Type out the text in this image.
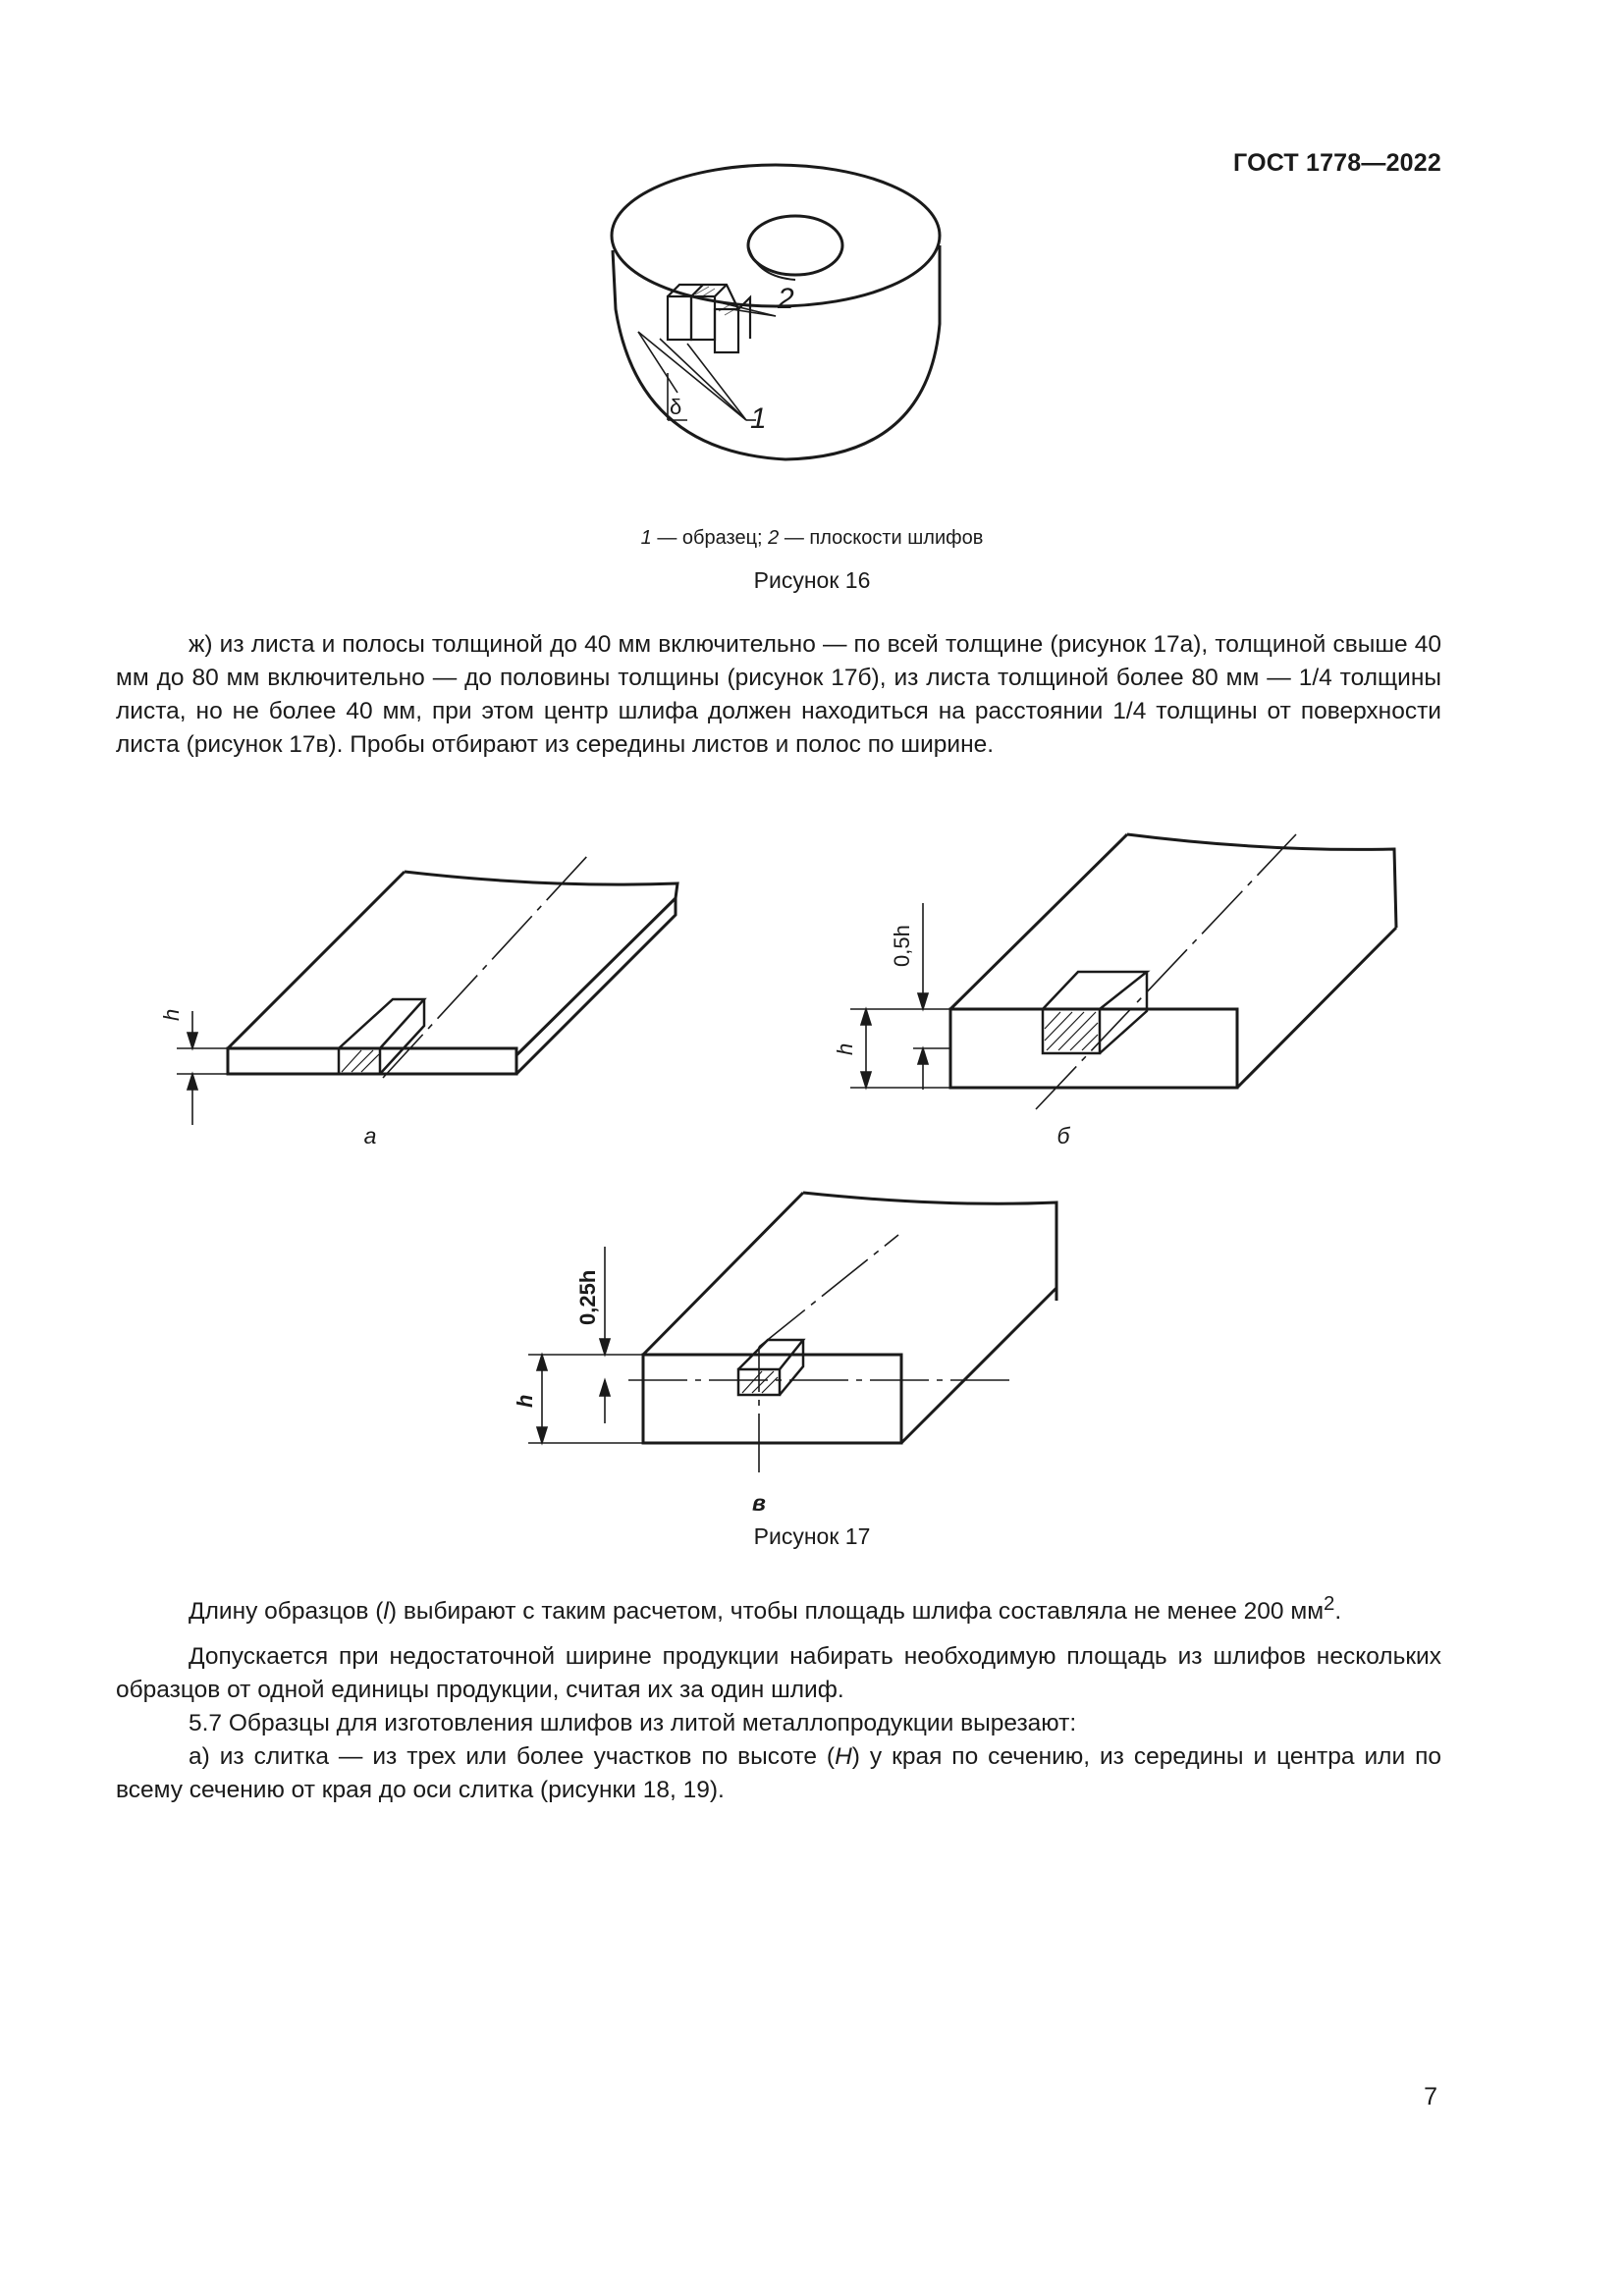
ГОСТ 1778—2022
2
1
δ
1 — образец; 2 — плоскости шлифов
Рисунок 16

ж) из листа и полосы толщиной до 40 мм включительно — по всей толщине (рисунок 17а), толщиной свыше 40 мм до 80 мм включительно — до половины толщины (рисунок 17б), из листа толщиной более 80 мм — 1/4 толщины листа, но не более 40 мм, при этом центр шлифа должен находиться на расстоянии 1/4 толщины от поверхности листа (рисунок 17в). Пробы отбирают из середины листов и полос по ширине.

h
h
0,5h
h
0,25h
а	б
в
Рисунок 17

Длину образцов (l) выбирают с таким расчетом, чтобы площадь шлифа составляла не менее 200 $мм^2$.

Допускается при недостаточной ширине продукции набирать необходимую площадь из шлифов нескольких образцов от одной единицы продукции, считая их за один шлиф.

5.7 Образцы для изготовления шлифов из литой металлопродукции вырезают:

а) из слитка — из трех или более участков по высоте (H) у края по сечению, из середины и центра или по всему сечению от края до оси слитка (рисунки 18, 19).

7
